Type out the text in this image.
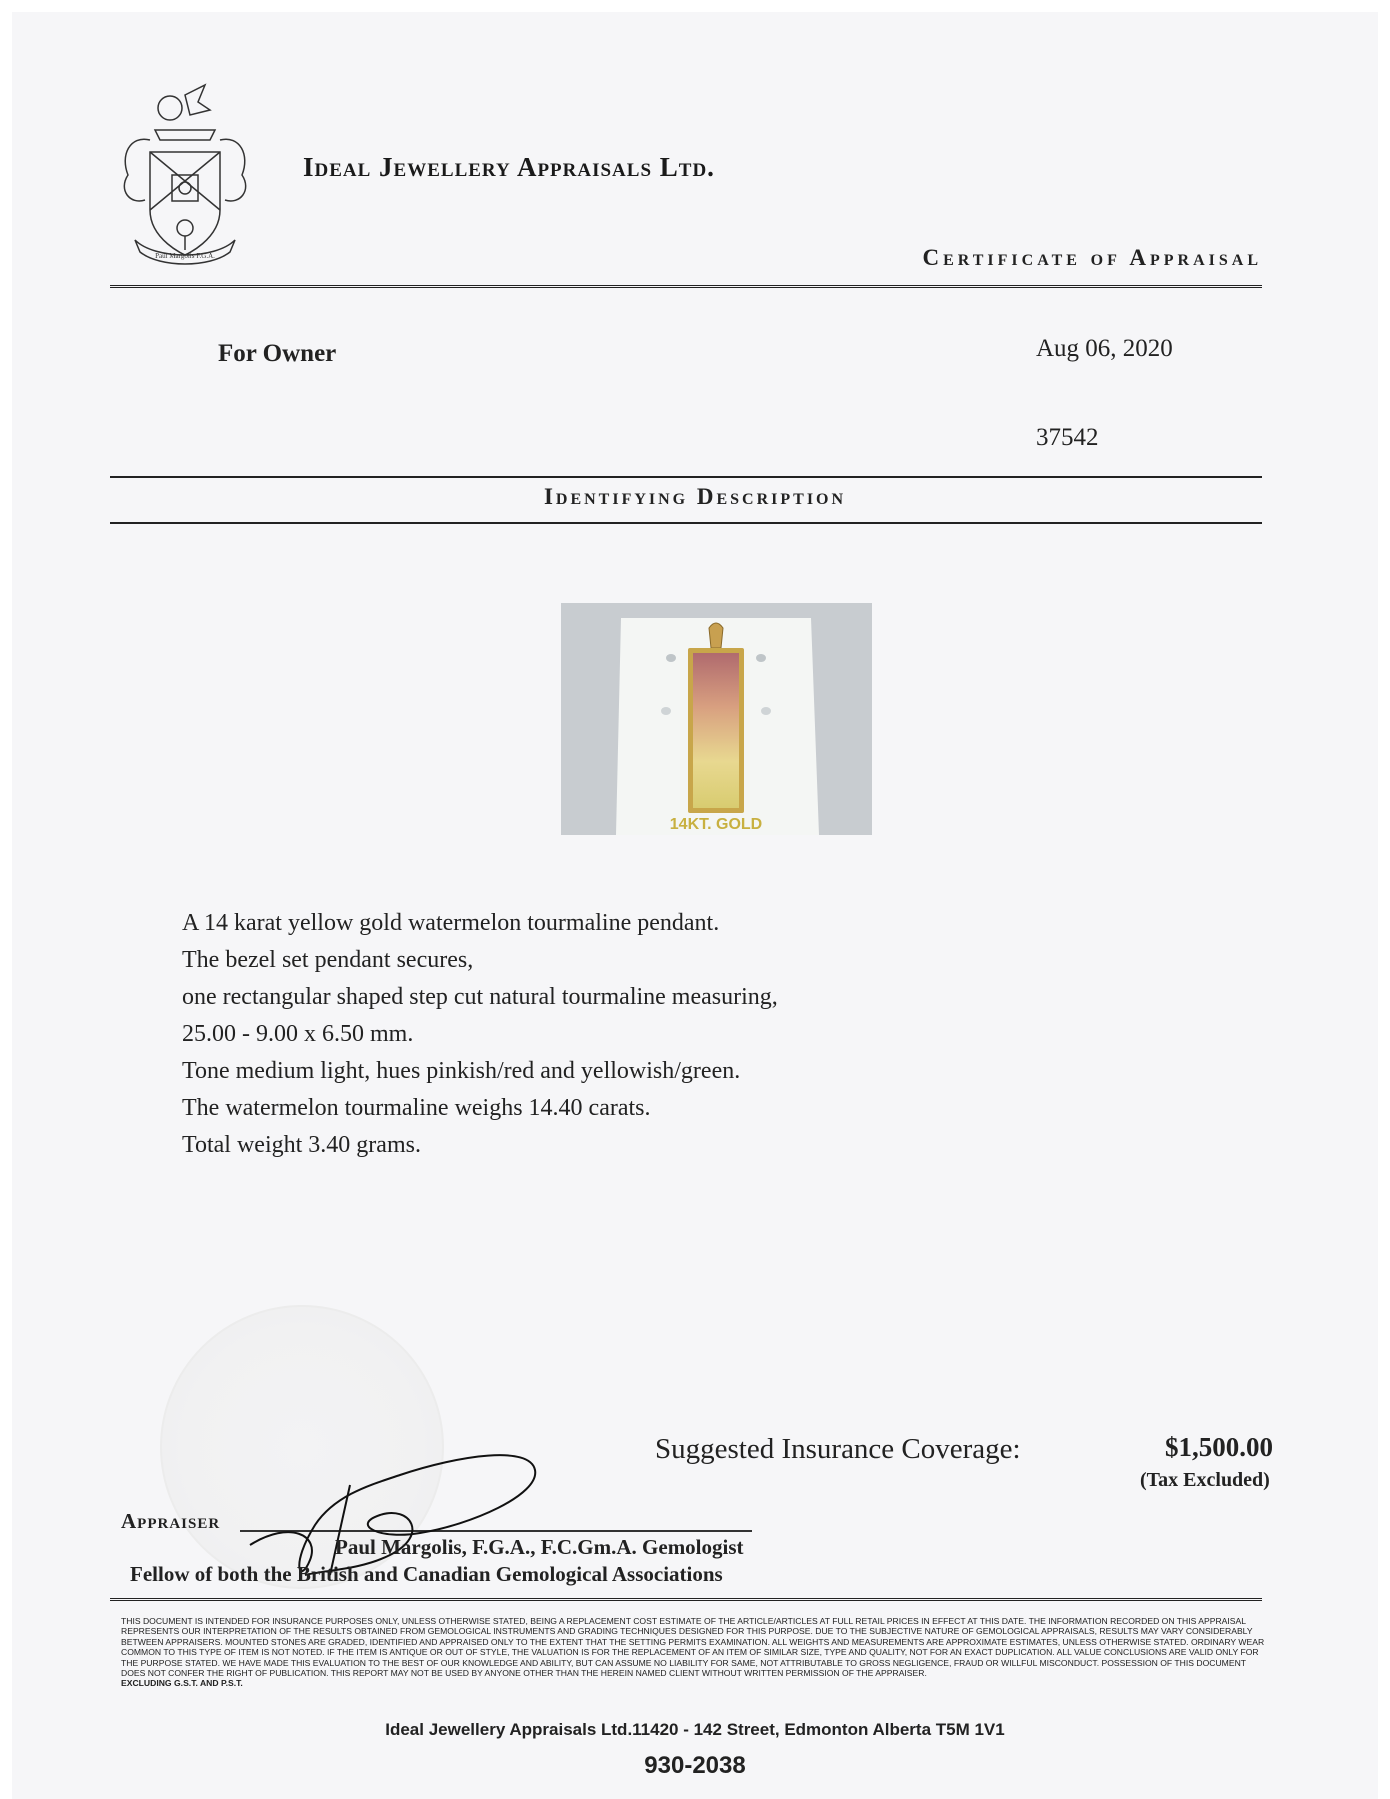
Paul Margolis F.G.A.
Ideal Jewellery Appraisals Ltd.
Certificate of Appraisal
For Owner	Aug 06, 2020
37542
Identifying Description
14KT. GOLD
A 14 karat yellow gold watermelon tourmaline pendant.
The bezel set pendant secures,
one rectangular shaped step cut natural tourmaline measuring,
25.00 - 9.00 x 6.50 mm.
Tone medium light, hues pinkish/red and yellowish/green.
The watermelon tourmaline weighs 14.40 carats.
Total weight 3.40 grams.
Suggested Insurance Coverage:	$1,500.00
(Tax Excluded)
Appraiser
Paul Margolis, F.G.A., F.C.Gm.A. Gemologist
Fellow of both the British and Canadian Gemological Associations
THIS DOCUMENT IS INTENDED FOR INSURANCE PURPOSES ONLY, UNLESS OTHERWISE STATED, BEING A REPLACEMENT COST ESTIMATE OF THE ARTICLE/ARTICLES AT FULL RETAIL PRICES IN EFFECT AT THIS DATE. THE INFORMATION RECORDED ON THIS APPRAISAL REPRESENTS OUR INTERPRETATION OF THE RESULTS OBTAINED FROM GEMOLOGICAL INSTRUMENTS AND GRADING TECHNIQUES DESIGNED FOR THIS PURPOSE. DUE TO THE SUBJECTIVE NATURE OF GEMOLOGICAL APPRAISALS, RESULTS MAY VARY CONSIDERABLY BETWEEN APPRAISERS. MOUNTED STONES ARE GRADED, IDENTIFIED AND APPRAISED ONLY TO THE EXTENT THAT THE SETTING PERMITS EXAMINATION. ALL WEIGHTS AND MEASUREMENTS ARE APPROXIMATE ESTIMATES, UNLESS OTHERWISE STATED. ORDINARY WEAR COMMON TO THIS TYPE OF ITEM IS NOT NOTED. IF THE ITEM IS ANTIQUE OR OUT OF STYLE, THE VALUATION IS FOR THE REPLACEMENT OF AN ITEM OF SIMILAR SIZE, TYPE AND QUALITY, NOT FOR AN EXACT DUPLICATION. ALL VALUE CONCLUSIONS ARE VALID ONLY FOR THE PURPOSE STATED. WE HAVE MADE THIS EVALUATION TO THE BEST OF OUR KNOWLEDGE AND ABILITY, BUT CAN ASSUME NO LIABILITY FOR SAME, NOT ATTRIBUTABLE TO GROSS NEGLIGENCE, FRAUD OR WILLFUL MISCONDUCT. POSSESSION OF THIS DOCUMENT DOES NOT CONFER THE RIGHT OF PUBLICATION. THIS REPORT MAY NOT BE USED BY ANYONE OTHER THAN THE HEREIN NAMED CLIENT WITHOUT WRITTEN PERMISSION OF THE APPRAISER.
EXCLUDING G.S.T. AND P.S.T.
Ideal Jewellery Appraisals Ltd.11420 - 142 Street, Edmonton Alberta T5M 1V1
930-2038
